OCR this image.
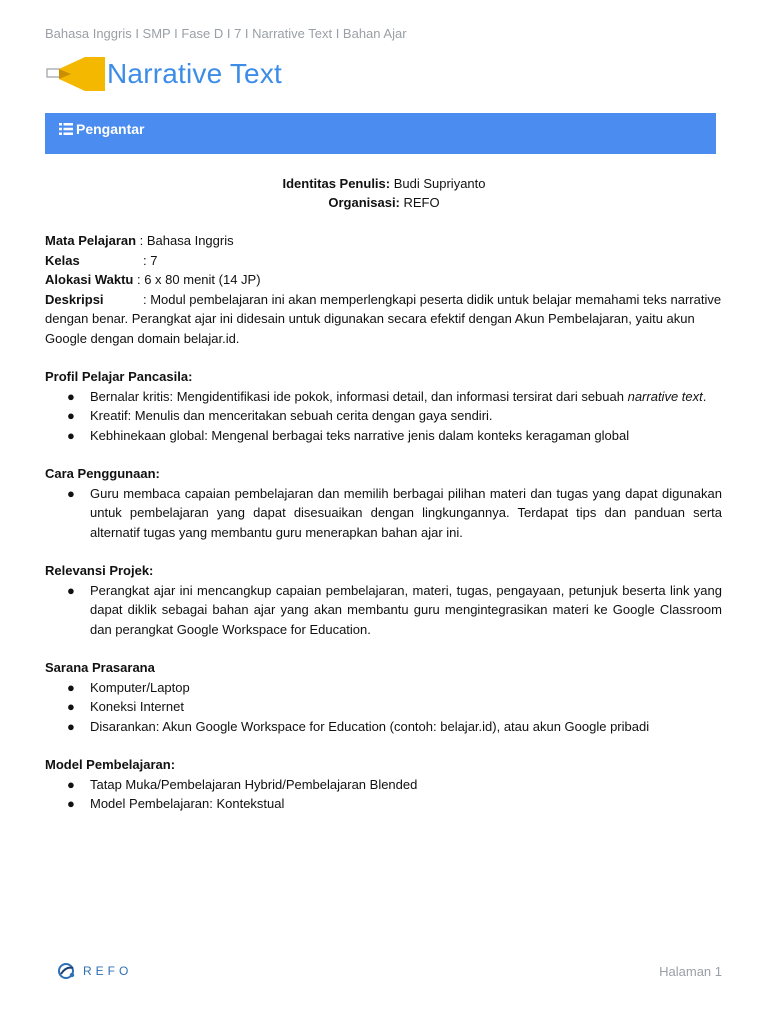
Bahasa Inggris I SMP I Fase D I 7 I Narrative Text I Bahan Ajar
Narrative Text
Pengantar
Identitas Penulis: Budi Supriyanto
Organisasi: REFO
Mata Pelajaran : Bahasa Inggris
Kelas	: 7
Alokasi Waktu : 6 x 80 menit (14 JP)
Deskripsi	: Modul pembelajaran ini akan memperlengkapi peserta didik untuk belajar memahami teks narrative dengan benar. Perangkat ajar ini didesain untuk digunakan secara efektif dengan Akun Pembelajaran, yaitu akun Google dengan domain belajar.id.
Profil Pelajar Pancasila:
● Bernalar kritis: Mengidentifikasi ide pokok, informasi detail, dan informasi tersirat dari sebuah narrative text.
● Kreatif: Menulis dan menceritakan sebuah cerita dengan gaya sendiri.
● Kebhinekaan global: Mengenal berbagai teks narrative jenis dalam konteks keragaman global
Cara Penggunaan:
● Guru membaca capaian pembelajaran dan memilih berbagai pilihan materi dan tugas yang dapat digunakan untuk pembelajaran yang dapat disesuaikan dengan lingkungannya. Terdapat tips dan panduan serta alternatif tugas yang membantu guru menerapkan bahan ajar ini.
Relevansi Projek:
● Perangkat ajar ini mencangkup capaian pembelajaran, materi, tugas, pengayaan, petunjuk beserta link yang dapat diklik sebagai bahan ajar yang akan membantu guru mengintegrasikan materi ke Google Classroom dan perangkat Google Workspace for Education.
Sarana Prasarana
● Komputer/Laptop
● Koneksi Internet
● Disarankan: Akun Google Workspace for Education (contoh: belajar.id), atau akun Google pribadi
Model Pembelajaran:
● Tatap Muka/Pembelajaran Hybrid/Pembelajaran Blended
● Model Pembelajaran: Kontekstual
REFO	Halaman 1
